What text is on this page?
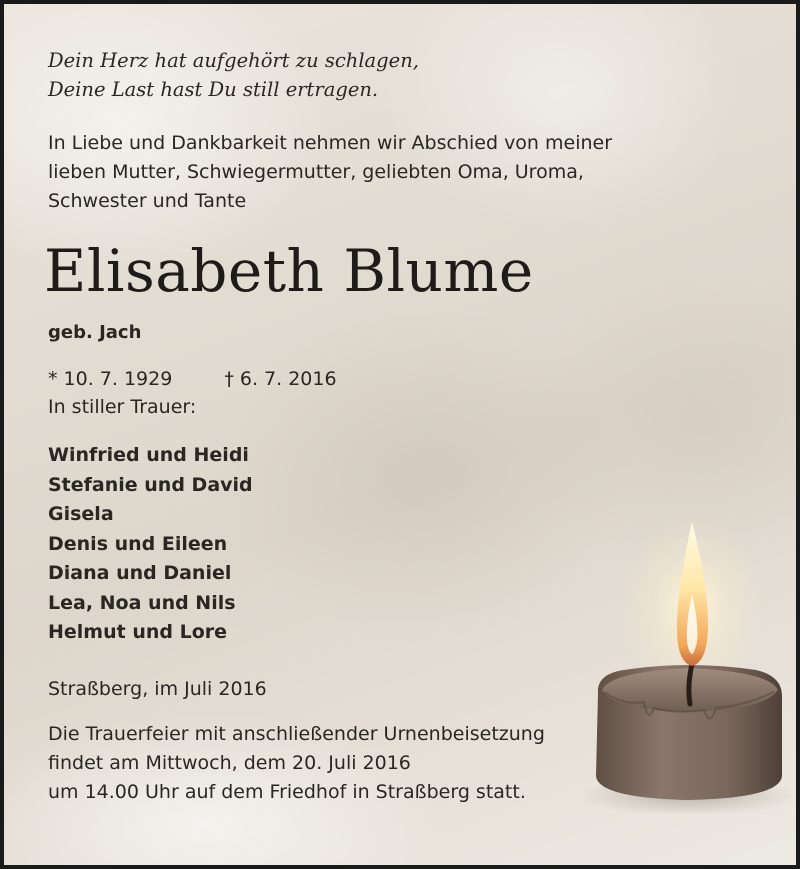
Dein Herz hat aufgehört zu schlagen,
Deine Last hast Du still ertragen.
In Liebe und Dankbarkeit nehmen wir Abschied von meiner
lieben Mutter, Schwiegermutter, geliebten Oma, Uroma,
Schwester und Tante
Elisabeth Blume
geb. Jach
* 10. 7. 1929	† 6. 7. 2016
In stiller Trauer:
Winfried und Heidi
Stefanie und David
Gisela
Denis und Eileen
Diana und Daniel
Lea, Noa und Nils
Helmut und Lore
Straßberg, im Juli 2016
Die Trauerfeier mit anschließender Urnenbeisetzung
findet am Mittwoch, dem 20. Juli 2016
um 14.00 Uhr auf dem Friedhof in Straßberg statt.
